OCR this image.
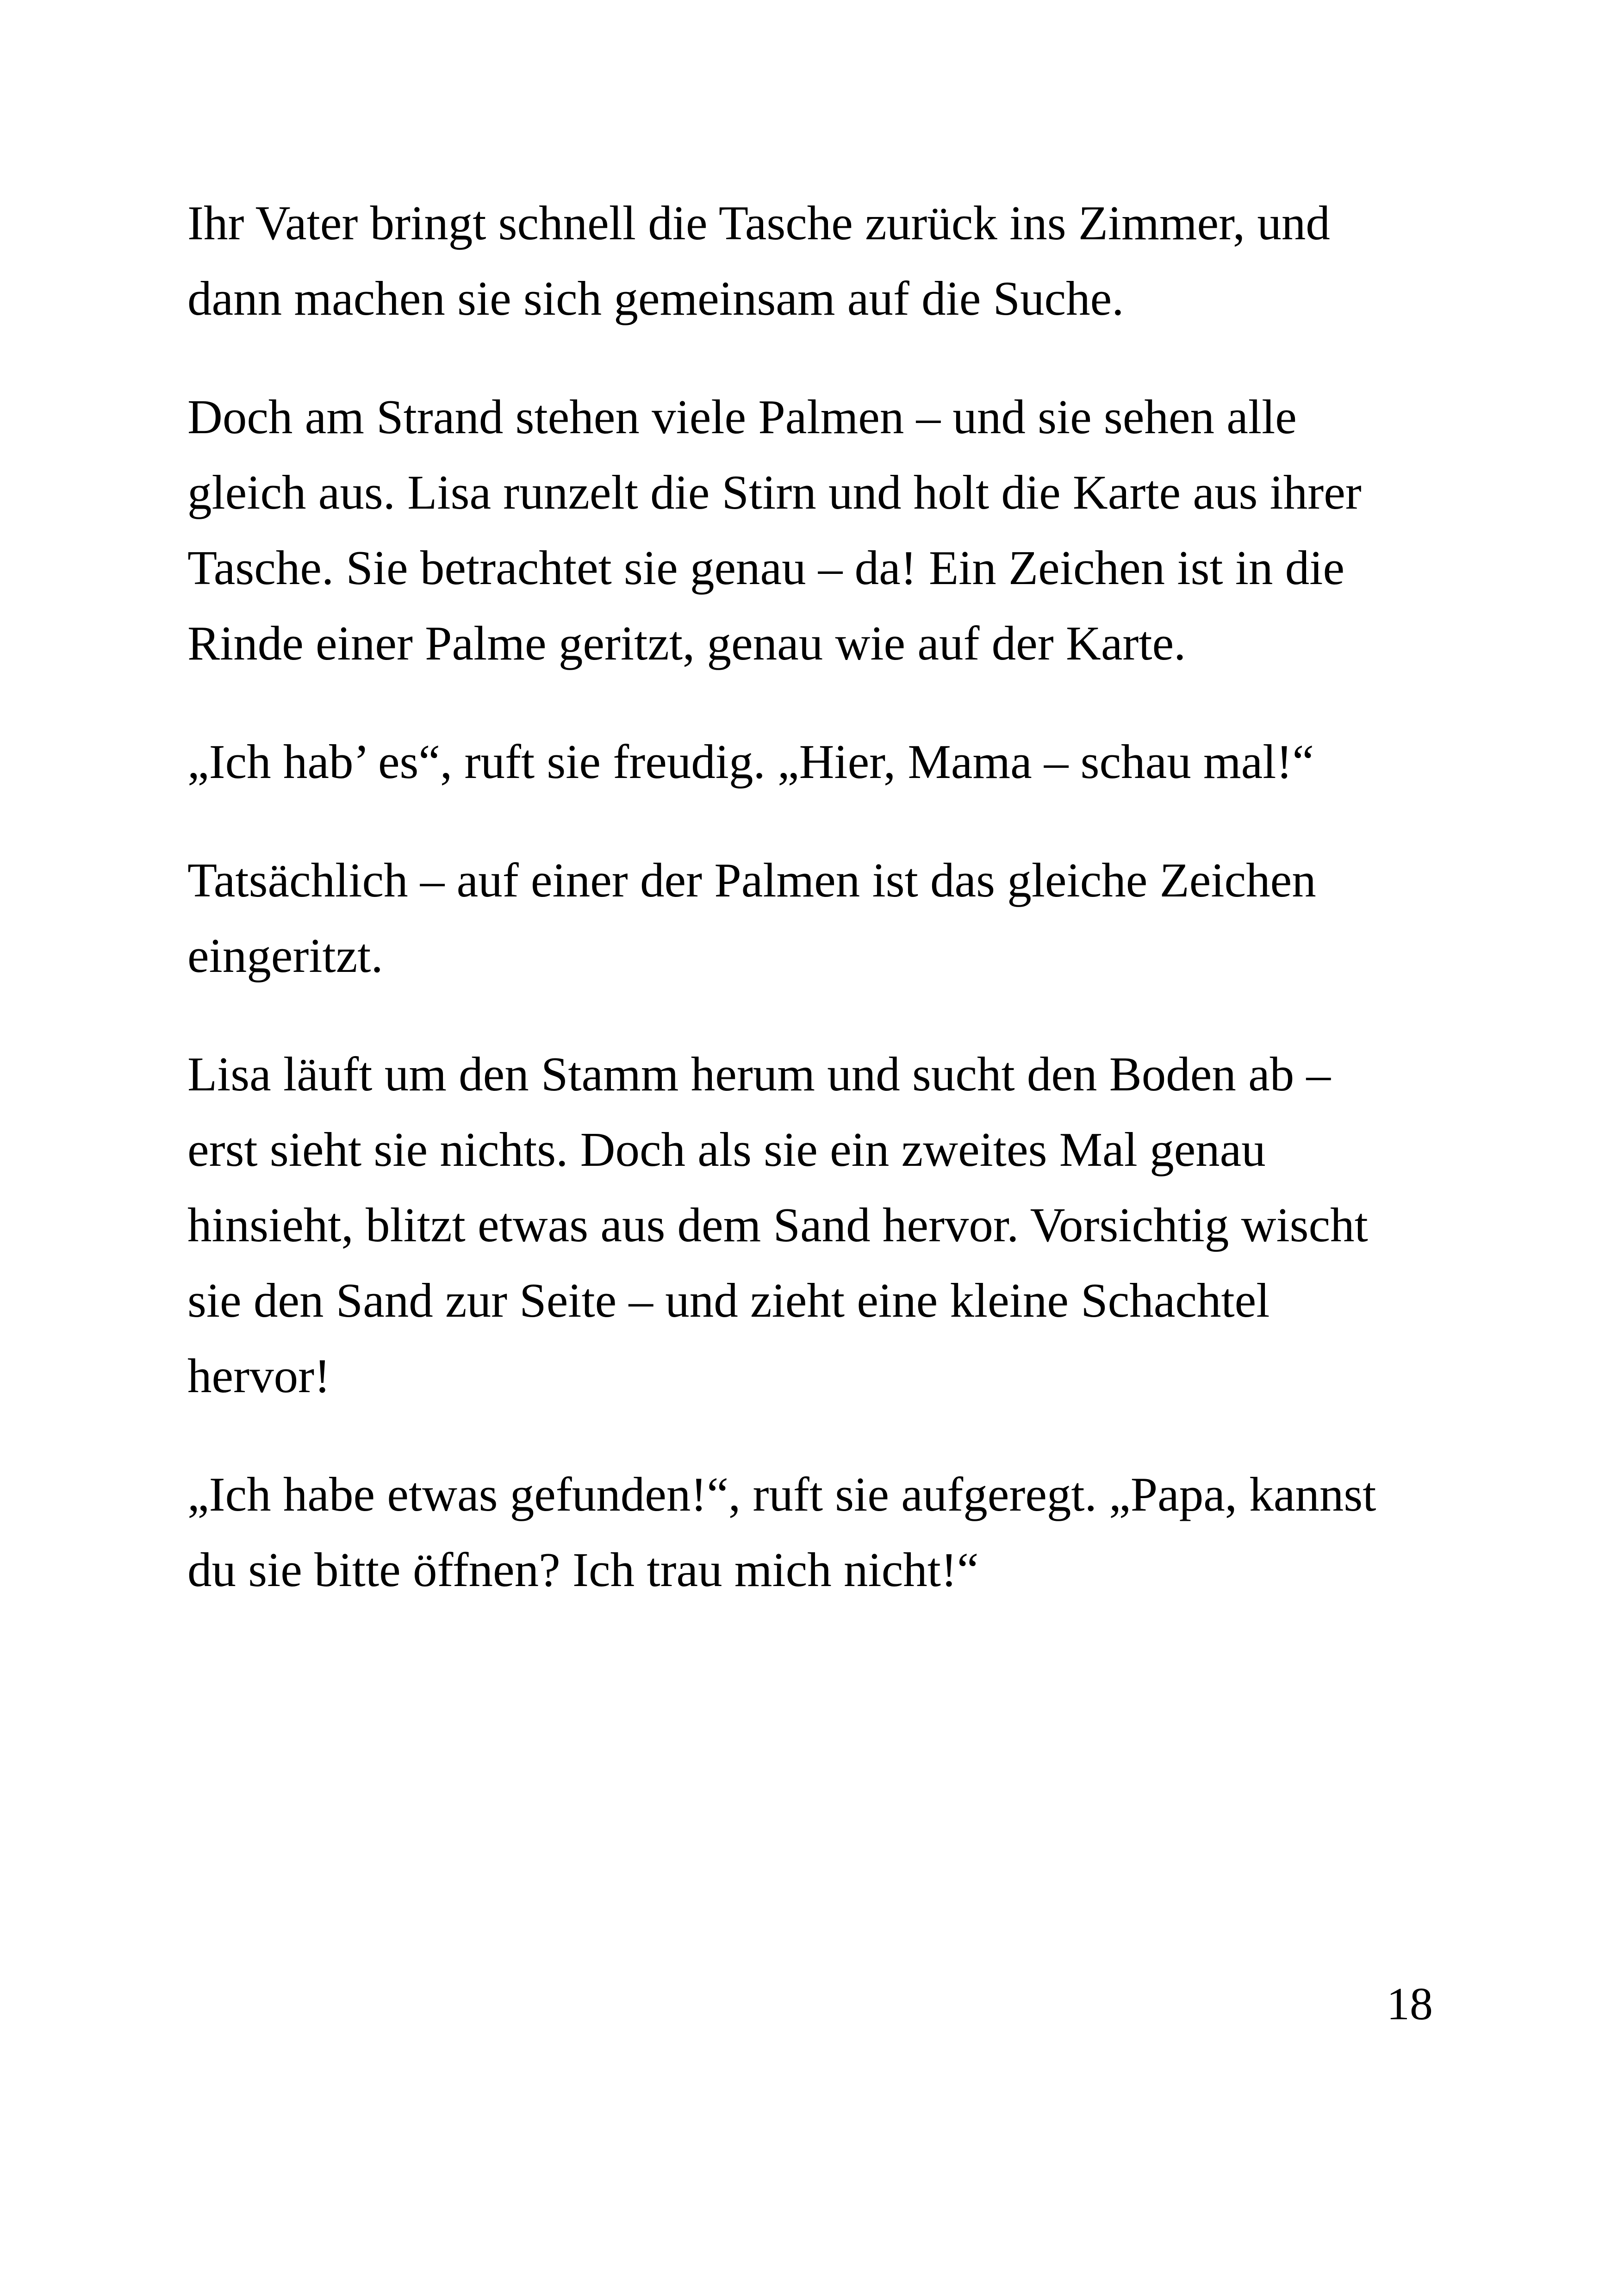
Ihr Vater bringt schnell die Tasche zurück ins Zimmer, und
dann machen sie sich gemeinsam auf die Suche.

Doch am Strand stehen viele Palmen – und sie sehen alle
gleich aus. Lisa runzelt die Stirn und holt die Karte aus ihrer
Tasche. Sie betrachtet sie genau – da! Ein Zeichen ist in die
Rinde einer Palme geritzt, genau wie auf der Karte.

„Ich hab’ es“, ruft sie freudig. „Hier, Mama – schau mal!“

Tatsächlich – auf einer der Palmen ist das gleiche Zeichen
eingeritzt.

Lisa läuft um den Stamm herum und sucht den Boden ab –
erst sieht sie nichts. Doch als sie ein zweites Mal genau
hinsieht, blitzt etwas aus dem Sand hervor. Vorsichtig wischt
sie den Sand zur Seite – und zieht eine kleine Schachtel
hervor!

„Ich habe etwas gefunden!“, ruft sie aufgeregt. „Papa, kannst
du sie bitte öffnen? Ich trau mich nicht!“

18
